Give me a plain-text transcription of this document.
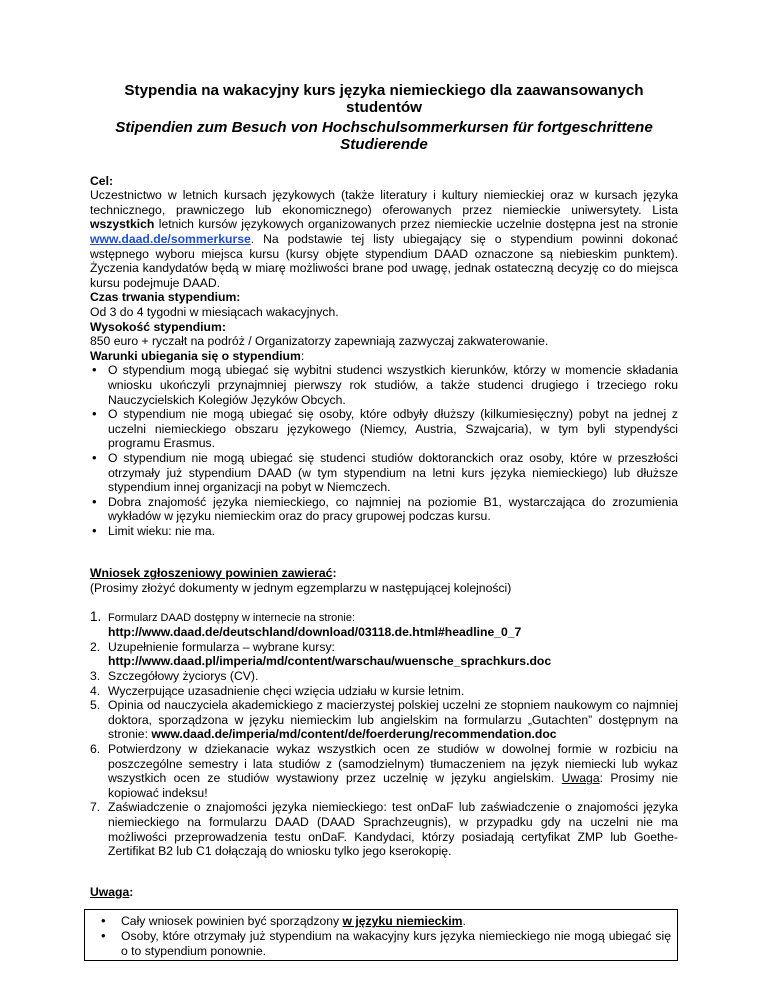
Stypendia na wakacyjny kurs języka niemieckiego dla zaawansowanych
studentów
Stipendien zum Besuch von Hochschulsommerkursen für fortgeschrittene
Studierende
Cel:
Uczestnictwo w letnich kursach językowych (także literatury i kultury niemieckiej oraz w kursach języka technicznego, prawniczego lub ekonomicznego) oferowanych przez niemieckie uniwersytety. Lista wszystkich letnich kursów językowych organizowanych przez niemieckie uczelnie dostępna jest na stronie www.daad.de/sommerkurse. Na podstawie tej listy ubiegający się o stypendium powinni dokonać wstępnego wyboru miejsca kursu (kursy objęte stypendium DAAD oznaczone są niebieskim punktem). Życzenia kandydatów będą w miarę możliwości brane pod uwagę, jednak ostateczną decyzję co do miejsca kursu podejmuje DAAD.
Czas trwania stypendium:
Od 3 do 4 tygodni w miesiącach wakacyjnych.
Wysokość stypendium:
850 euro + ryczałt na podróż / Organizatorzy zapewniają zazwyczaj zakwaterowanie.
Warunki ubiegania się o stypendium:
• O stypendium mogą ubiegać się wybitni studenci wszystkich kierunków, którzy w momencie składania wniosku ukończyli przynajmniej pierwszy rok studiów, a także studenci drugiego i trzeciego roku Nauczycielskich Kolegiów Języków Obcych.
• O stypendium nie mogą ubiegać się osoby, które odbyły dłuższy (kilkumiesięczny) pobyt na jednej z uczelni niemieckiego obszaru językowego (Niemcy, Austria, Szwajcaria), w tym byli stypendyści programu Erasmus.
• O stypendium nie mogą ubiegać się studenci studiów doktoranckich oraz osoby, które w przeszłości otrzymały już stypendium DAAD (w tym stypendium na letni kurs języka niemieckiego) lub dłuższe stypendium innej organizacji na pobyt w Niemczech.
• Dobra znajomość języka niemieckiego, co najmniej na poziomie B1, wystarczająca do zrozumienia wykładów w języku niemieckim oraz do pracy grupowej podczas kursu.
• Limit wieku: nie ma.
Wniosek zgłoszeniowy powinien zawierać:
(Prosimy złożyć dokumenty w jednym egzemplarzu w następującej kolejności)
1. Formularz DAAD dostępny w internecie na stronie:
http://www.daad.de/deutschland/download/03118.de.html#headline_0_7
2. Uzupełnienie formularza – wybrane kursy:
http://www.daad.pl/imperia/md/content/warschau/wuensche_sprachkurs.doc
3. Szczegółowy życiorys (CV).
4. Wyczerpujące uzasadnienie chęci wzięcia udziału w kursie letnim.
5. Opinia od nauczyciela akademickiego z macierzystej polskiej uczelni ze stopniem naukowym co najmniej doktora, sporządzona w języku niemieckim lub angielskim na formularzu „Gutachten” dostępnym na stronie: www.daad.de/imperia/md/content/de/foerderung/recommendation.doc
6. Potwierdzony w dziekanacie wykaz wszystkich ocen ze studiów w dowolnej formie w rozbiciu na poszczególne semestry i lata studiów z (samodzielnym) tłumaczeniem na język niemiecki lub wykaz wszystkich ocen ze studiów wystawiony przez uczelnię w języku angielskim. Uwaga: Prosimy nie kopiować indeksu!
7. Zaświadczenie o znajomości języka niemieckiego: test onDaF lub zaświadczenie o znajomości języka niemieckiego na formularzu DAAD (DAAD Sprachzeugnis), w przypadku gdy na uczelni nie ma możliwości przeprowadzenia testu onDaF. Kandydaci, którzy posiadają certyfikat ZMP lub Goethe-Zertifikat B2 lub C1 dołączają do wniosku tylko jego kserokopię.
Uwaga:
• Cały wniosek powinien być sporządzony w języku niemieckim.
• Osoby, które otrzymały już stypendium na wakacyjny kurs języka niemieckiego nie mogą ubiegać się o to stypendium ponownie.
